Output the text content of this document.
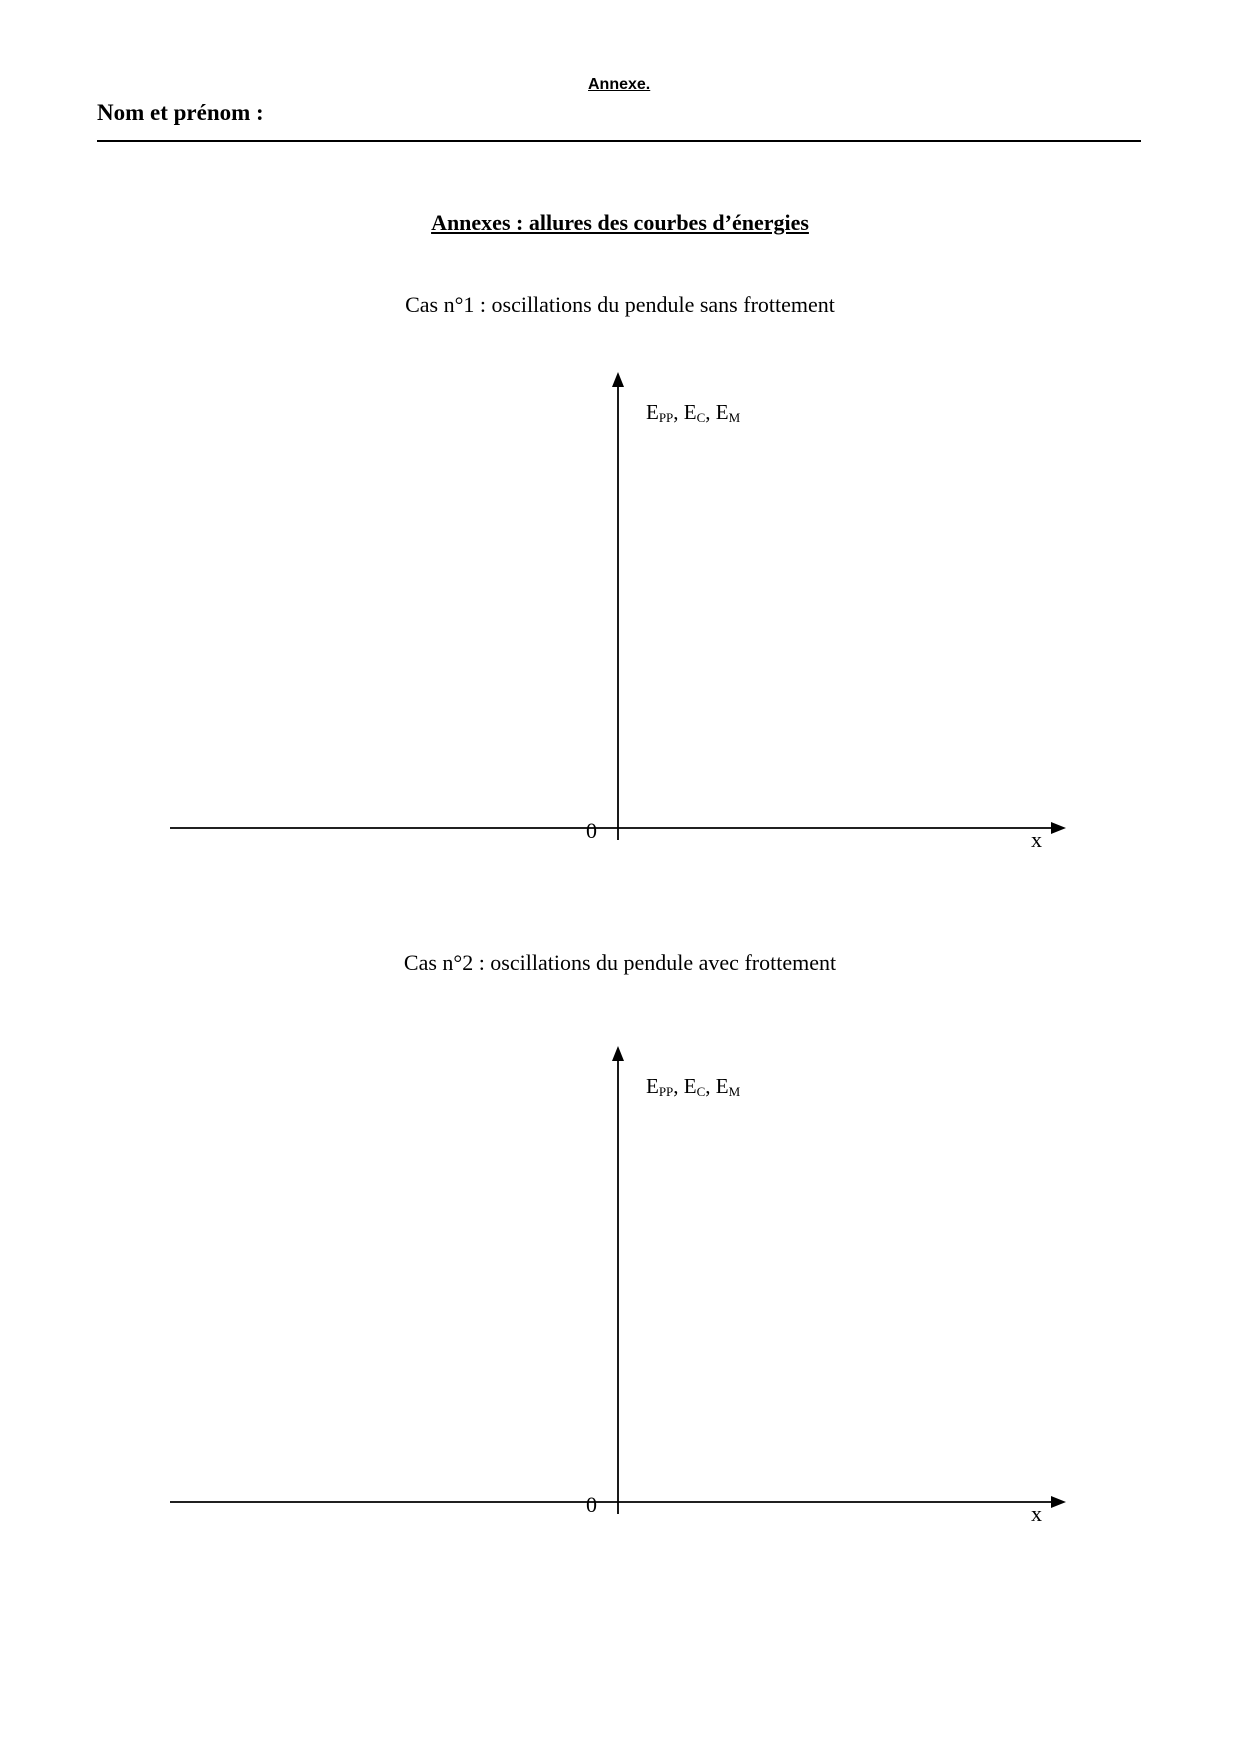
Annexe.
Nom et prénom :
Annexes : allures des courbes d’énergies
Cas n°1 : oscillations du pendule sans frottement
$E_{PP}$, $E_C$, $E_M$
0	x
Cas n°2 : oscillations du pendule avec frottement
$E_{PP}$, $E_C$, $E_M$
0	x
